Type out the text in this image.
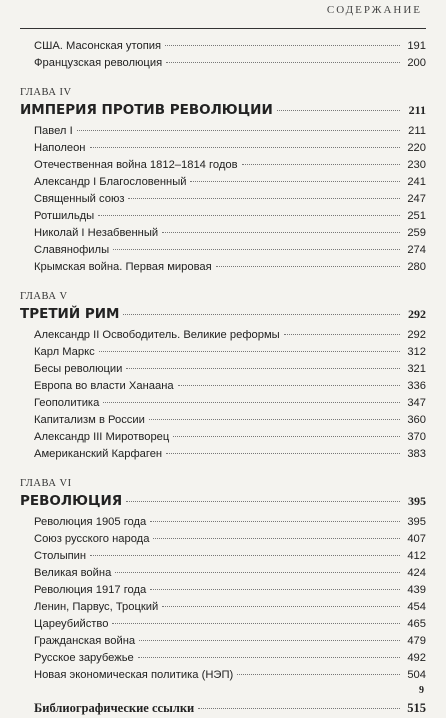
СОДЕРЖАНИЕ
США. Масонская утопия	191
Французская революция	200
ГЛАВА IV
ИМПЕРИЯ ПРОТИВ РЕВОЛЮЦИИ	211
Павел I	211
Наполеон	220
Отечественная война 1812–1814 годов	230
Александр I Благословенный	241
Священный союз	247
Ротшильды	251
Николай I Незабвенный	259
Славянофилы	274
Крымская война. Первая мировая	280
ГЛАВА V
ТРЕТИЙ РИМ	292
Александр II Освободитель. Великие реформы	292
Карл Маркс	312
Бесы революции	321
Европа во власти Ханаана	336
Геополитика	347
Капитализм в России	360
Александр III Миротворец	370
Американский Карфаген	383
ГЛАВА VI
РЕВОЛЮЦИЯ	395
Революция 1905 года	395
Союз русского народа	407
Столыпин	412
Великая война	424
Революция 1917 года	439
Ленин, Парвус, Троцкий	454
Цареубийство	465
Гражданская война	479
Русское зарубежье	492
Новая экономическая политика (НЭП)	504
Библиографические ссылки	515
9
